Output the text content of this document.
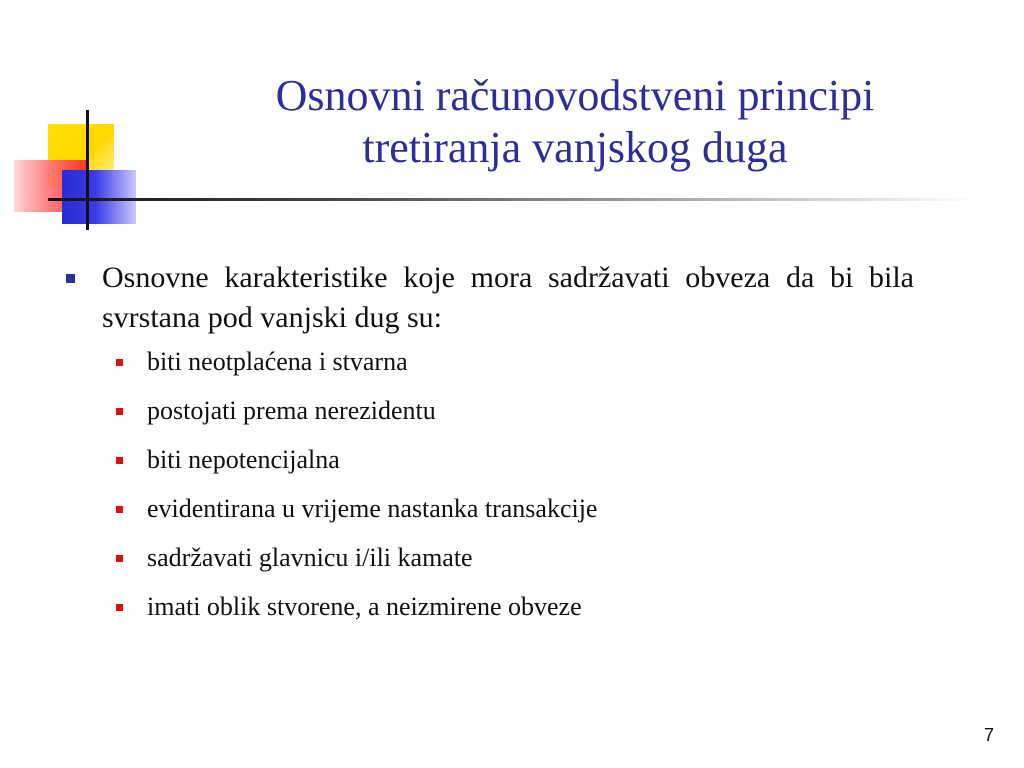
Osnovni računovodstveni principi
tretiranja vanjskog duga
Osnovne karakteristike koje mora sadržavati obveza da bi bila svrstana pod vanjski dug su:
biti neotplaćena i stvarna
postojati prema nerezidentu
biti nepotencijalna
evidentirana u vrijeme nastanka transakcije
sadržavati glavnicu i/ili kamate
imati oblik stvorene, a neizmirene obveze
7
